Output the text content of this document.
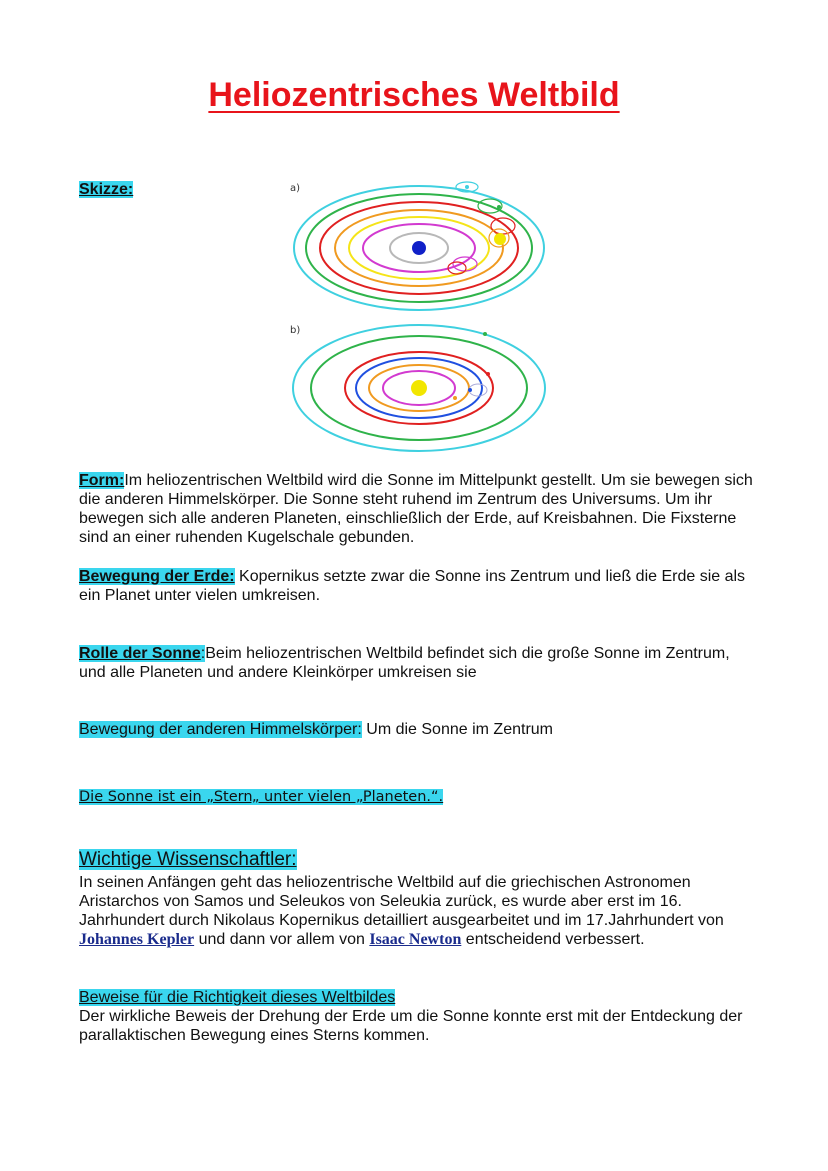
Heliozentrisches Weltbild
Skizze:	a)
b)
Form:Im heliozentrischen Weltbild wird die Sonne im Mittelpunkt gestellt. Um sie bewegen sich die anderen Himmelskörper. Die Sonne steht ruhend im Zentrum des Universums. Um ihr bewegen sich alle anderen Planeten, einschließlich der Erde, auf Kreisbahnen. Die Fixsterne sind an einer ruhenden Kugelschale gebunden.
Bewegung der Erde: Kopernikus setzte zwar die Sonne ins Zentrum und ließ die Erde sie als ein Planet unter vielen umkreisen.
Rolle der Sonne:Beim heliozentrischen Weltbild befindet sich die große Sonne im Zentrum, und alle Planeten und andere Kleinkörper umkreisen sie
Bewegung der anderen Himmelskörper: Um die Sonne im Zentrum
Die Sonne ist ein „Stern„ unter vielen „Planeten.“.
Wichtige Wissenschaftler:
In seinen Anfängen geht das heliozentrische Weltbild auf die griechischen Astronomen Aristarchos von Samos und Seleukos von Seleukia zurück, es wurde aber erst im 16. Jahrhundert durch Nikolaus Kopernikus detailliert ausgearbeitet und im 17.Jahrhundert von Johannes Kepler und dann vor allem von Isaac Newton entscheidend verbessert.
Beweise für die Richtigkeit dieses Weltbildes
Der wirkliche Beweis der Drehung der Erde um die Sonne konnte erst mit der Entdeckung der parallaktischen Bewegung eines Sterns kommen.
